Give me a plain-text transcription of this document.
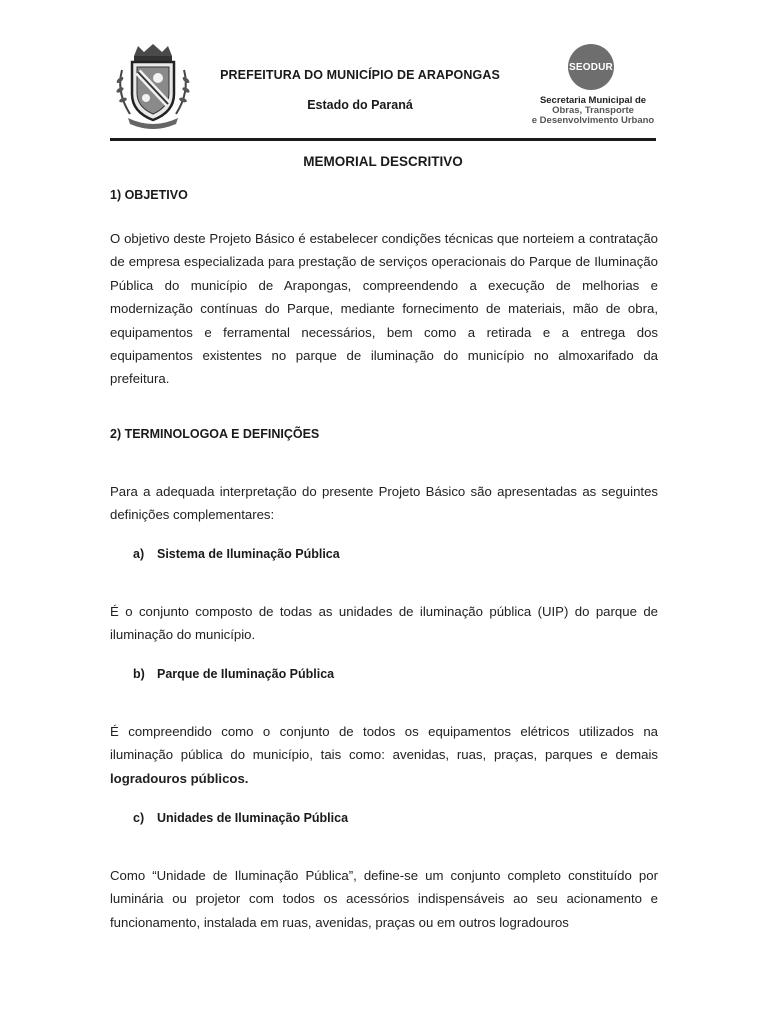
PREFEITURA DO MUNICÍPIO DE ARAPONGAS
Estado do Paraná
SEODUR
Secretaria Municipal de
Obras, Transporte
e Desenvolvimento Urbano
MEMORIAL DESCRITIVO
1) OBJETIVO
O objetivo deste Projeto Básico é estabelecer condições técnicas que norteiem a contratação de empresa especializada para prestação de serviços operacionais do Parque de Iluminação Pública do município de Arapongas, compreendendo a execução de melhorias e modernização contínuas do Parque, mediante fornecimento de materiais, mão de obra, equipamentos e ferramental necessários, bem como a retirada e a entrega dos equipamentos existentes no parque de iluminação do município no almoxarifado da prefeitura.
2) TERMINOLOGOA E DEFINIÇÕES
Para a adequada interpretação do presente Projeto Básico são apresentadas as seguintes definições complementares:
a) Sistema de Iluminação Pública
É o conjunto composto de todas as unidades de iluminação pública (UIP) do parque de iluminação do município.
b) Parque de Iluminação Pública
É compreendido como o conjunto de todos os equipamentos elétricos utilizados na iluminação pública do município, tais como: avenidas, ruas, praças, parques e demais logradouros públicos.
c) Unidades de Iluminação Pública
Como “Unidade de Iluminação Pública”, define-se um conjunto completo constituído por luminária ou projetor com todos os acessórios indispensáveis ao seu acionamento e funcionamento, instalada em ruas, avenidas, praças ou em outros logradouros
